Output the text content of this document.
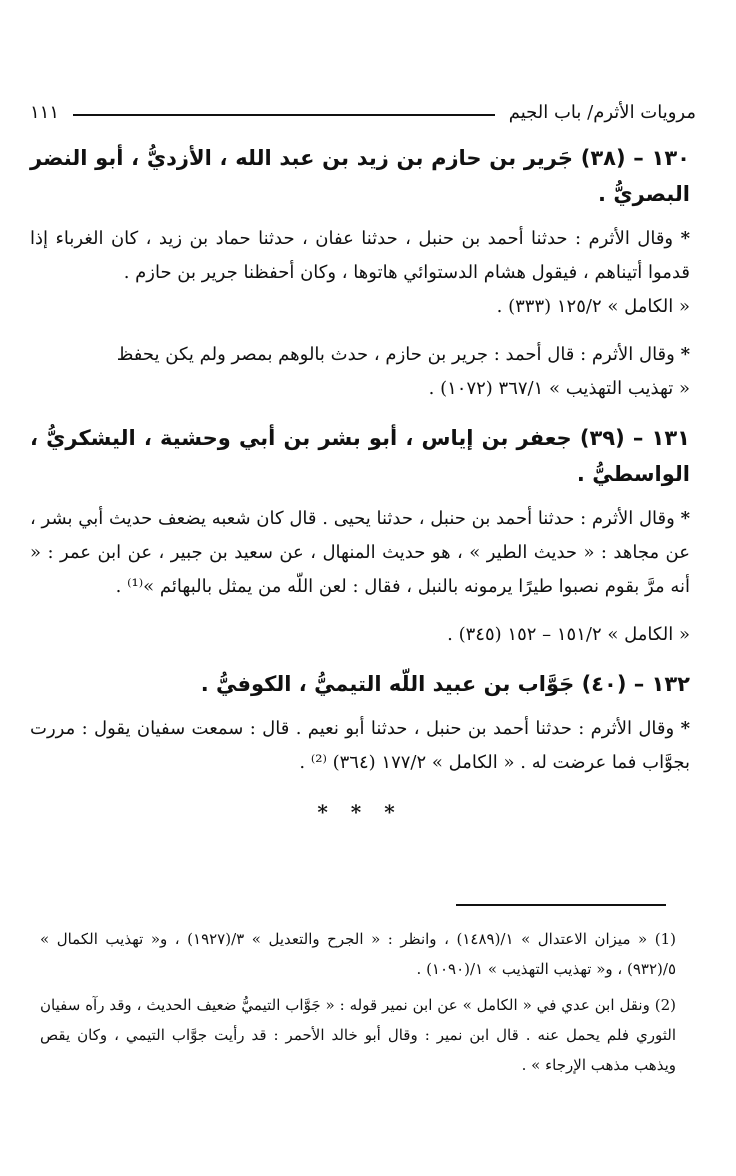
مرويات الأثرم/ باب الجيم
١١١
١٣٠ – (٣٨) جَرير بن حازم بن زيد بن عبد الله ، الأزديُّ ، أبو النضر البصريُّ .
* وقال الأثرم : حدثنا أحمد بن حنبل ، حدثنا عفان ، حدثنا حماد بن زيد ، كان الغرباء إذا قدموا أتيناهم ، فيقول هشام الدستوائي هاتوها ، وكان أحفظنا جرير بن حازم .
« الكامل » ١٢٥/٢ (٣٣٣) .
* وقال الأثرم : قال أحمد : جرير بن حازم ، حدث بالوهم بمصر ولم يكن يحفظ
« تهذيب التهذيب » ٣٦٧/١ (١٠٧٢) .
١٣١ – (٣٩) جعفر بن إياس ، أبو بشر بن أبي وحشية ، اليشكريُّ ، الواسطيُّ .
* وقال الأثرم : حدثنا أحمد بن حنبل ، حدثنا يحيى . قال كان شعبه يضعف حديث أبي بشر ، عن مجاهد : « حديث الطير » ، هو حديث المنهال ، عن سعيد بن جبير ، عن ابن عمر : « أنه مرَّ بقوم نصبوا طيرًا يرمونه بالنبل ، فقال : لعن اللّه من يمثل بالبهائم »⁽¹⁾ .
« الكامل » ١٥١/٢ – ١٥٢ (٣٤٥) .
١٣٢ – (٤٠) جَوَّاب بن عبيد اللّه التيميُّ ، الكوفيُّ .
* وقال الأثرم : حدثنا أحمد بن حنبل ، حدثنا أبو نعيم . قال : سمعت سفيان يقول : مررت بجوَّاب فما عرضت له . « الكامل » ١٧٧/٢ (٣٦٤) ⁽²⁾ .
* * *
(1) « ميزان الاعتدال » ١/(١٤٨٩) ، وانظر : « الجرح والتعديل » ٣/(١٩٢٧) ، و« تهذيب الكمال » ٥/(٩٣٢) ، و« تهذيب التهذيب » ١/(١٠٩٠) .
(2) ونقل ابن عدي في « الكامل » عن ابن نمير قوله : « جَوَّاب التيميُّ ضعيف الحديث ، وقد رآه سفيان الثوري فلم يحمل عنه . قال ابن نمير : وقال أبو خالد الأحمر : قد رأيت جوَّاب التيمي ، وكان يقص ويذهب مذهب الإرجاء » .
